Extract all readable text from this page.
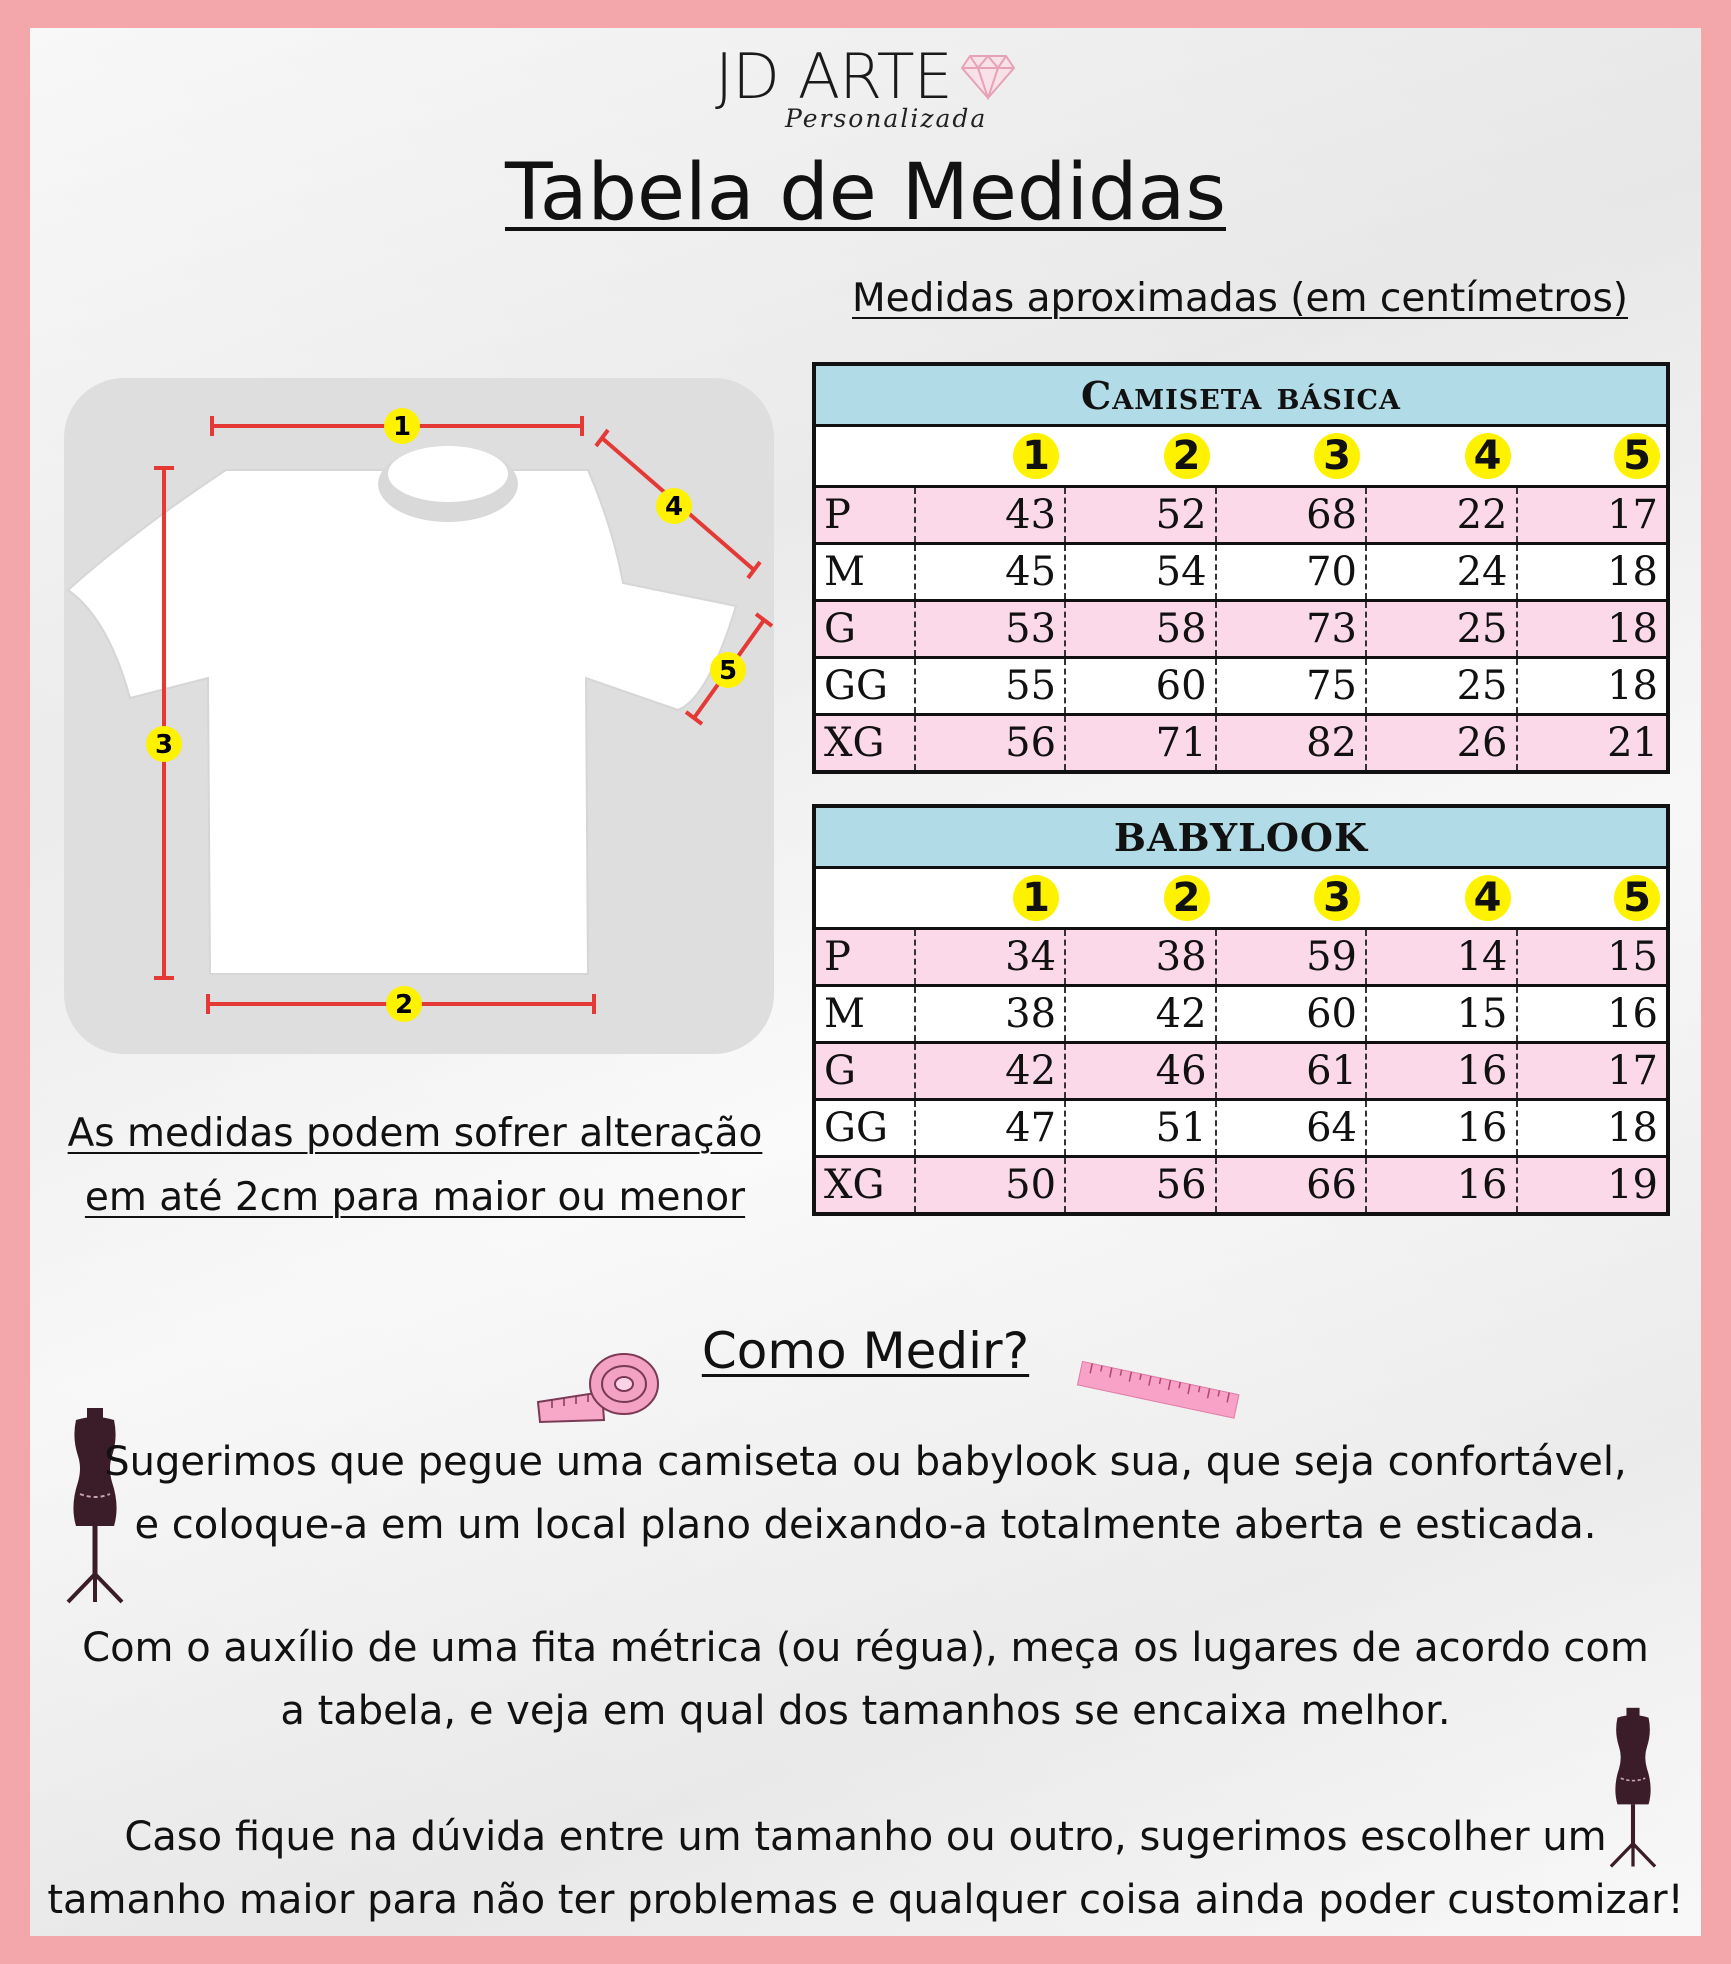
JD ARTE
Personalizada
Tabela de Medidas
Medidas aproximadas (em centímetros)
1
4
5
3
2
As medidas podem sofrer alteração
em até 2cm para maior ou menor
Camiseta básica					
	1	2	3	4	5
P	43	52	68	22	17
M	45	54	70	24	18
G	53	58	73	25	18
GG	55	60	75	25	18
XG	56	71	82	26	21
BABYLOOK					
	1	2	3	4	5
P	34	38	59	14	15
M	38	42	60	15	16
G	42	46	61	16	17
GG	47	51	64	16	18
XG	50	56	66	16	19
Como Medir?
Sugerimos que pegue uma camiseta ou babylook sua, que seja confortável,
e coloque-a em um local plano deixando-a totalmente aberta e esticada.
Com o auxílio de uma fita métrica (ou régua), meça os lugares de acordo com
a tabela, e veja em qual dos tamanhos se encaixa melhor.
Caso fique na dúvida entre um tamanho ou outro, sugerimos escolher um
tamanho maior para não ter problemas e qualquer coisa ainda poder customizar!
